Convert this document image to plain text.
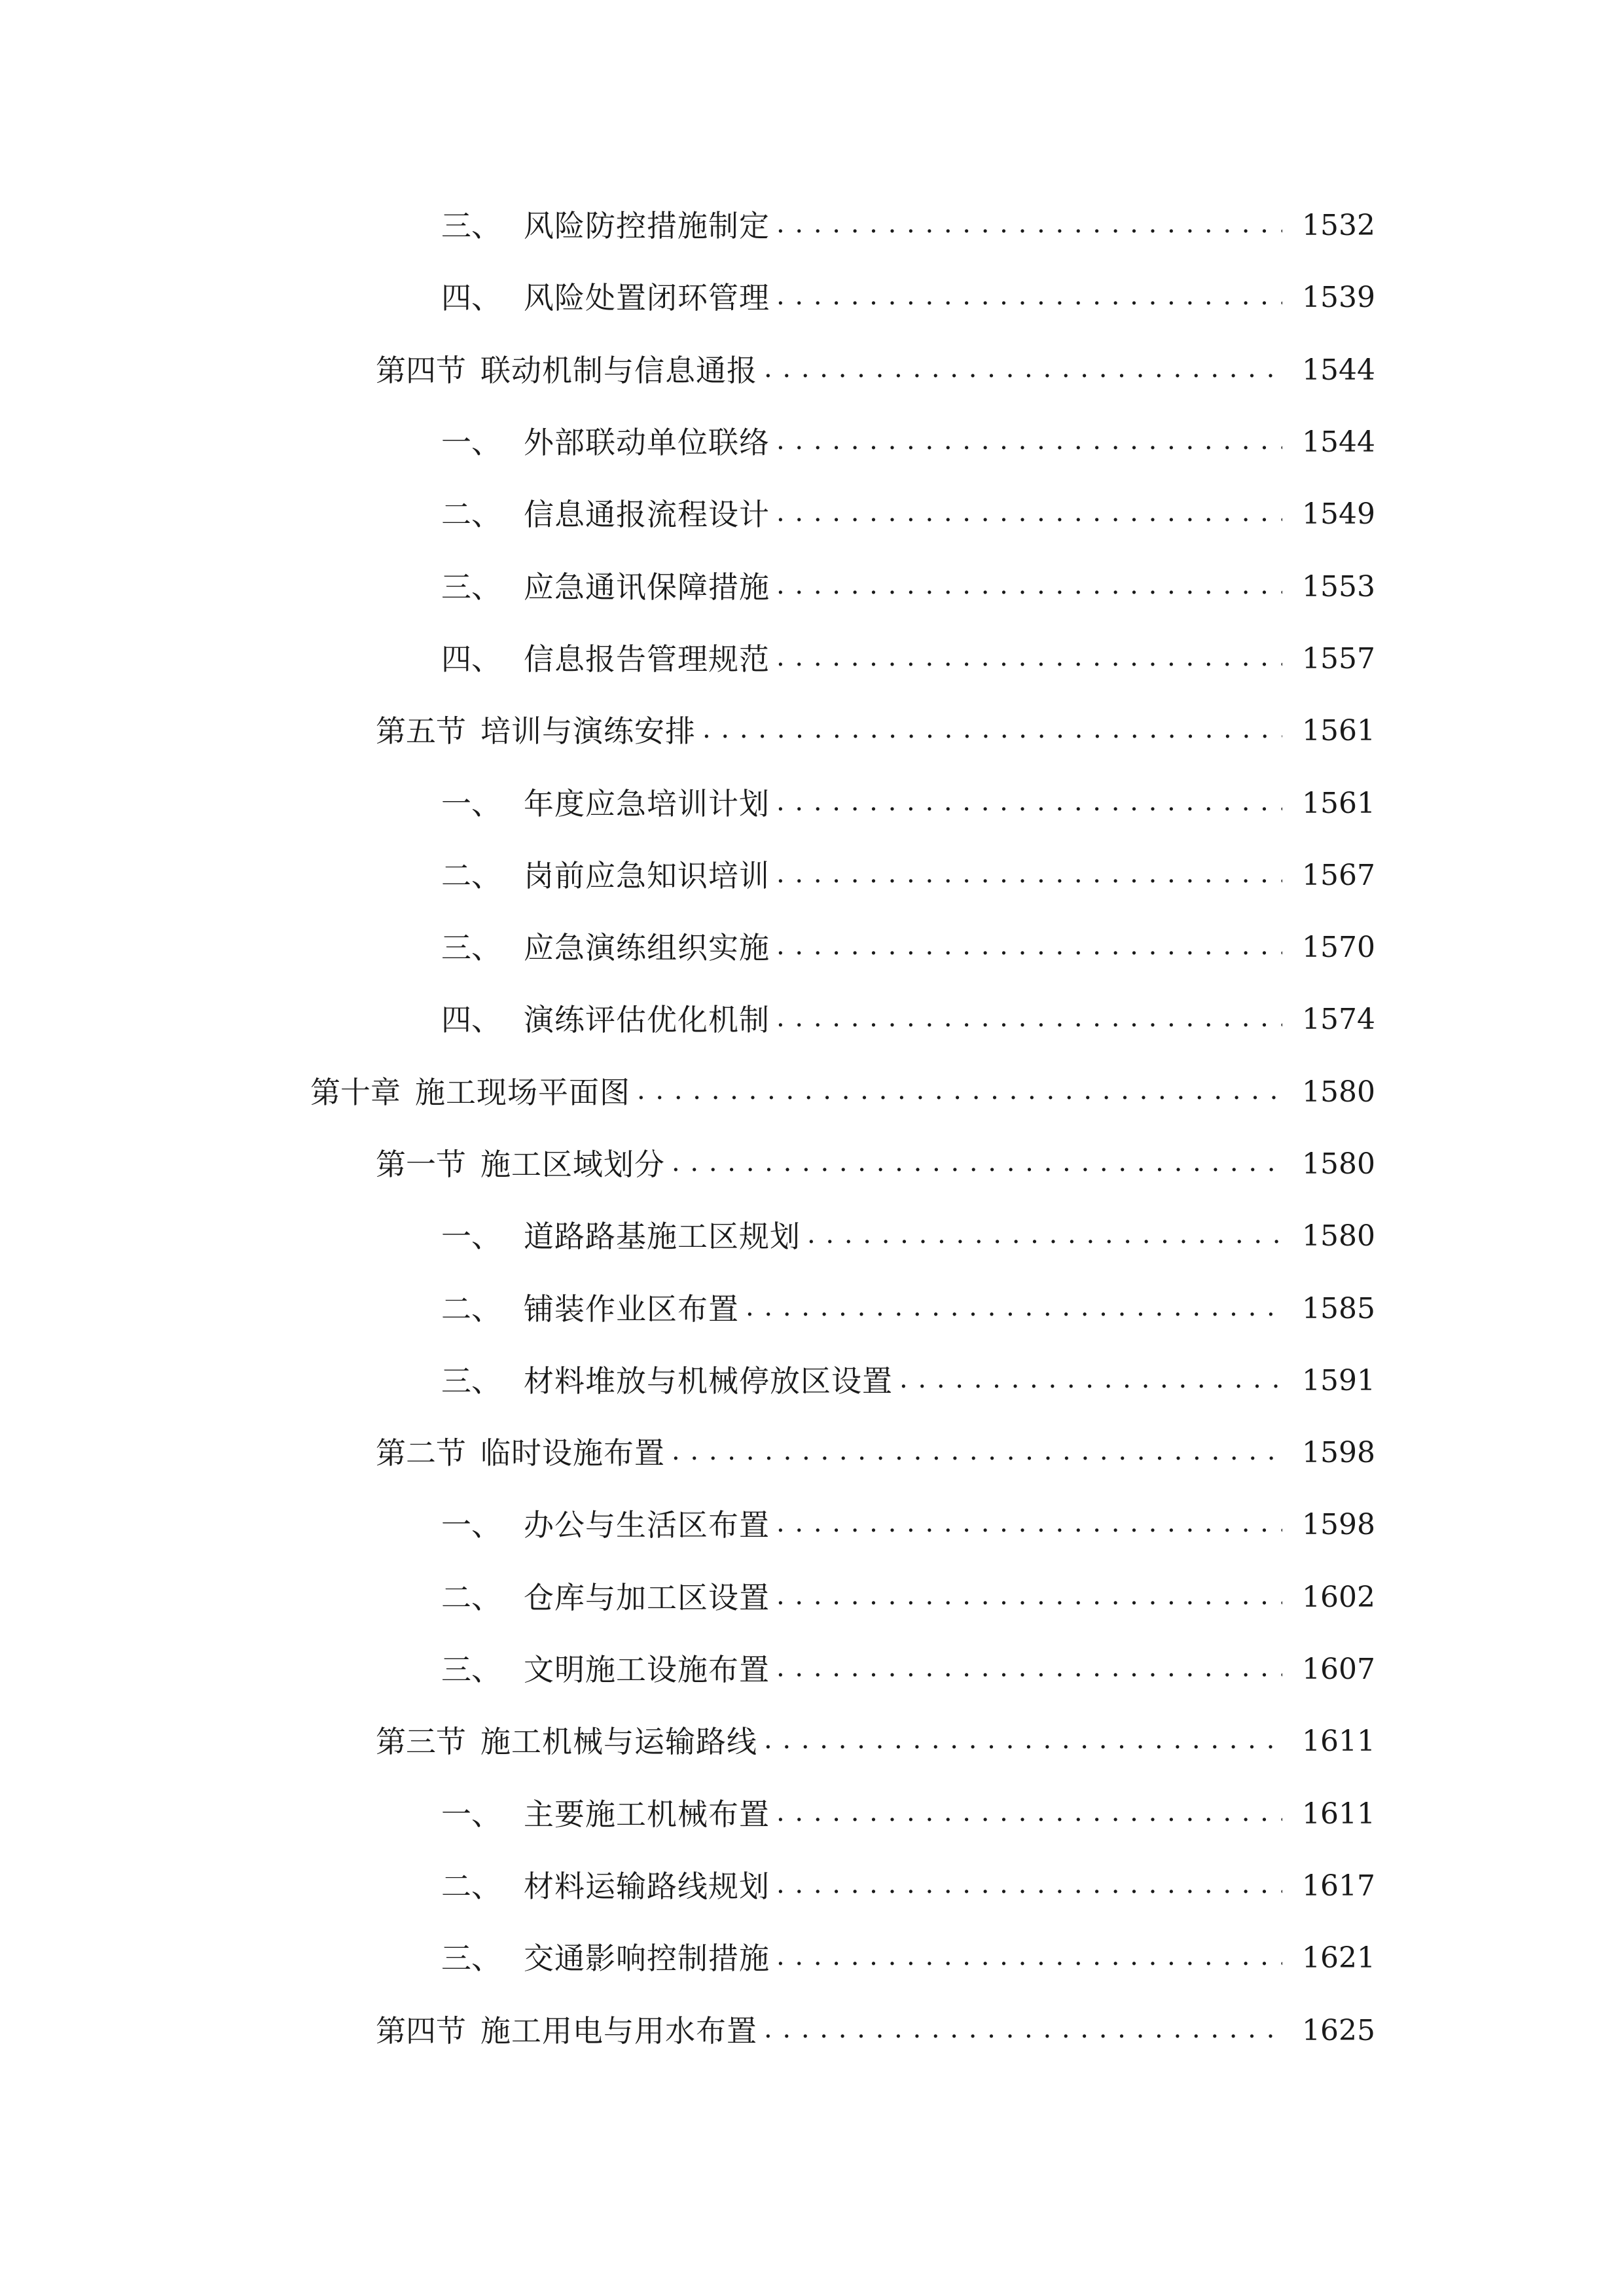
三、 风险防控措施制定 . . .	1532
四、 风险处置闭环管理 . . .	1539
第四节 联动机制与信息通报 . . .	1544
一、 外部联动单位联络 . . .	1544
二、 信息通报流程设计 . . .	1549
三、 应急通讯保障措施 . . .	1553
四、 信息报告管理规范 . . .	1557
第五节 培训与演练安排 . . .	1561
一、 年度应急培训计划 . . .	1561
二、 岗前应急知识培训 . . .	1567
三、 应急演练组织实施 . . .	1570
四、 演练评估优化机制 . . .	1574
第十章 施工现场平面图 . . .	1580
第一节 施工区域划分 . . .	1580
一、 道路路基施工区规划 . . .	1580
二、 铺装作业区布置 . . .	1585
三、 材料堆放与机械停放区设置 . . .	1591
第二节 临时设施布置 . . .	1598
一、 办公与生活区布置 . . .	1598
二、 仓库与加工区设置 . . .	1602
三、 文明施工设施布置 . . .	1607
第三节 施工机械与运输路线 . . .	1611
一、 主要施工机械布置 . . .	1611
二、 材料运输路线规划 . . .	1617
三、 交通影响控制措施 . . .	1621
第四节 施工用电与用水布置 . . .	1625
